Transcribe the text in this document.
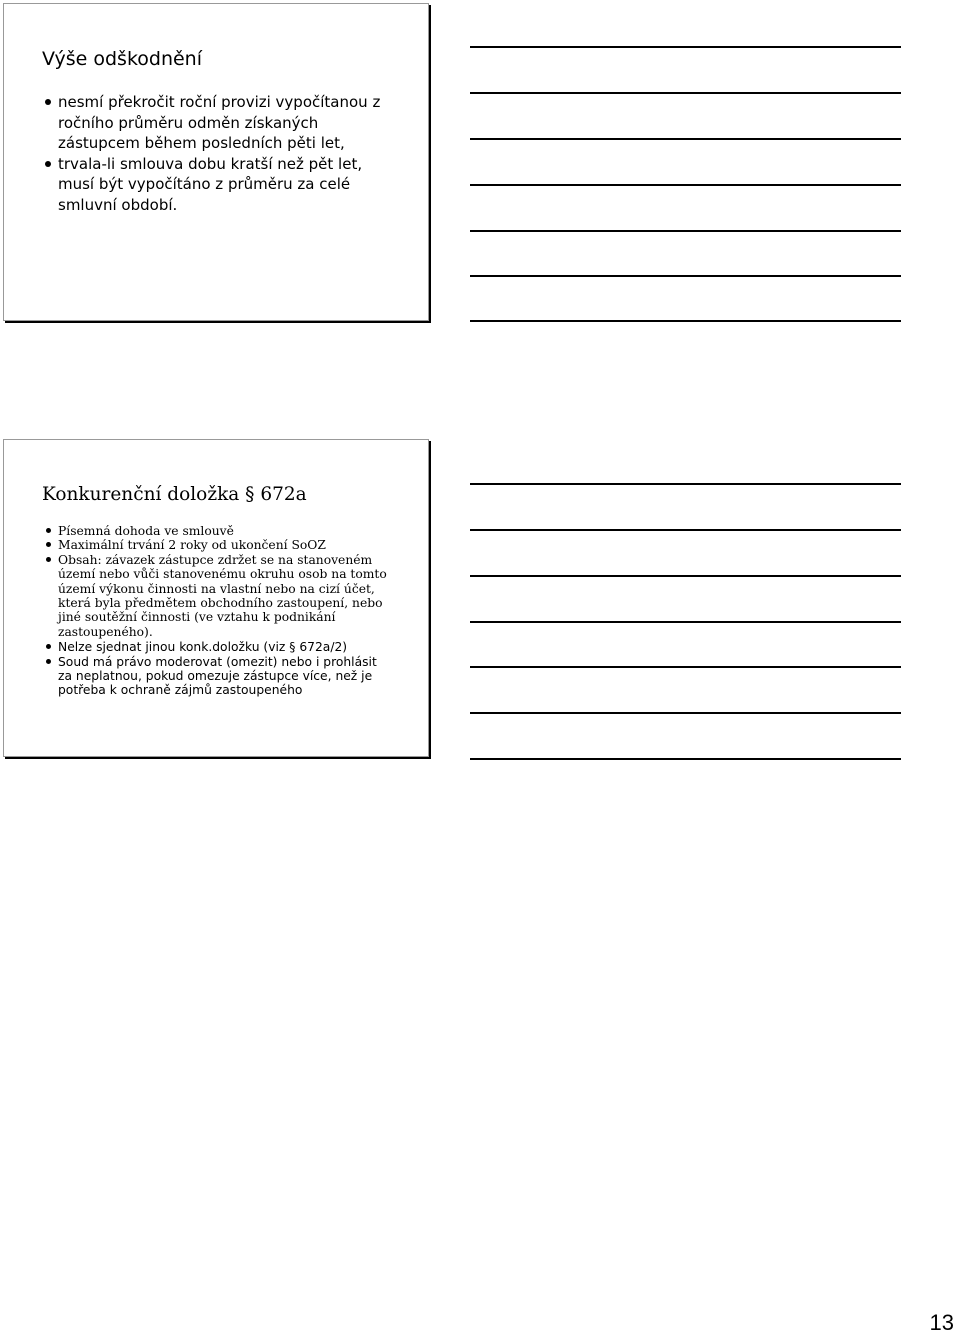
Výše odškodnění
nesmí překročit roční provizi vypočítanou z ročního průměru odměn získaných zástupcem během posledních pěti let,
trvala-li smlouva dobu kratší než pět let, musí být vypočítáno z průměru za celé smluvní období.
Konkurenční doložka § 672a
Písemná dohoda ve smlouvě
Maximální trvání 2 roky od ukončení SoOZ
Obsah: závazek zástupce zdržet se na stanoveném území nebo vůči stanovenému okruhu osob na tomto území výkonu činnosti na vlastní nebo na cizí účet, která byla předmětem obchodního zastoupení, nebo jiné soutěžní činnosti (ve vztahu k podnikání zastoupeného).
Nelze sjednat jinou konk.doložku (viz § 672a/2)
Soud má právo moderovat (omezit) nebo i prohlásit za neplatnou, pokud omezuje zástupce více, než je potřeba k ochraně zájmů zastoupeného

13
